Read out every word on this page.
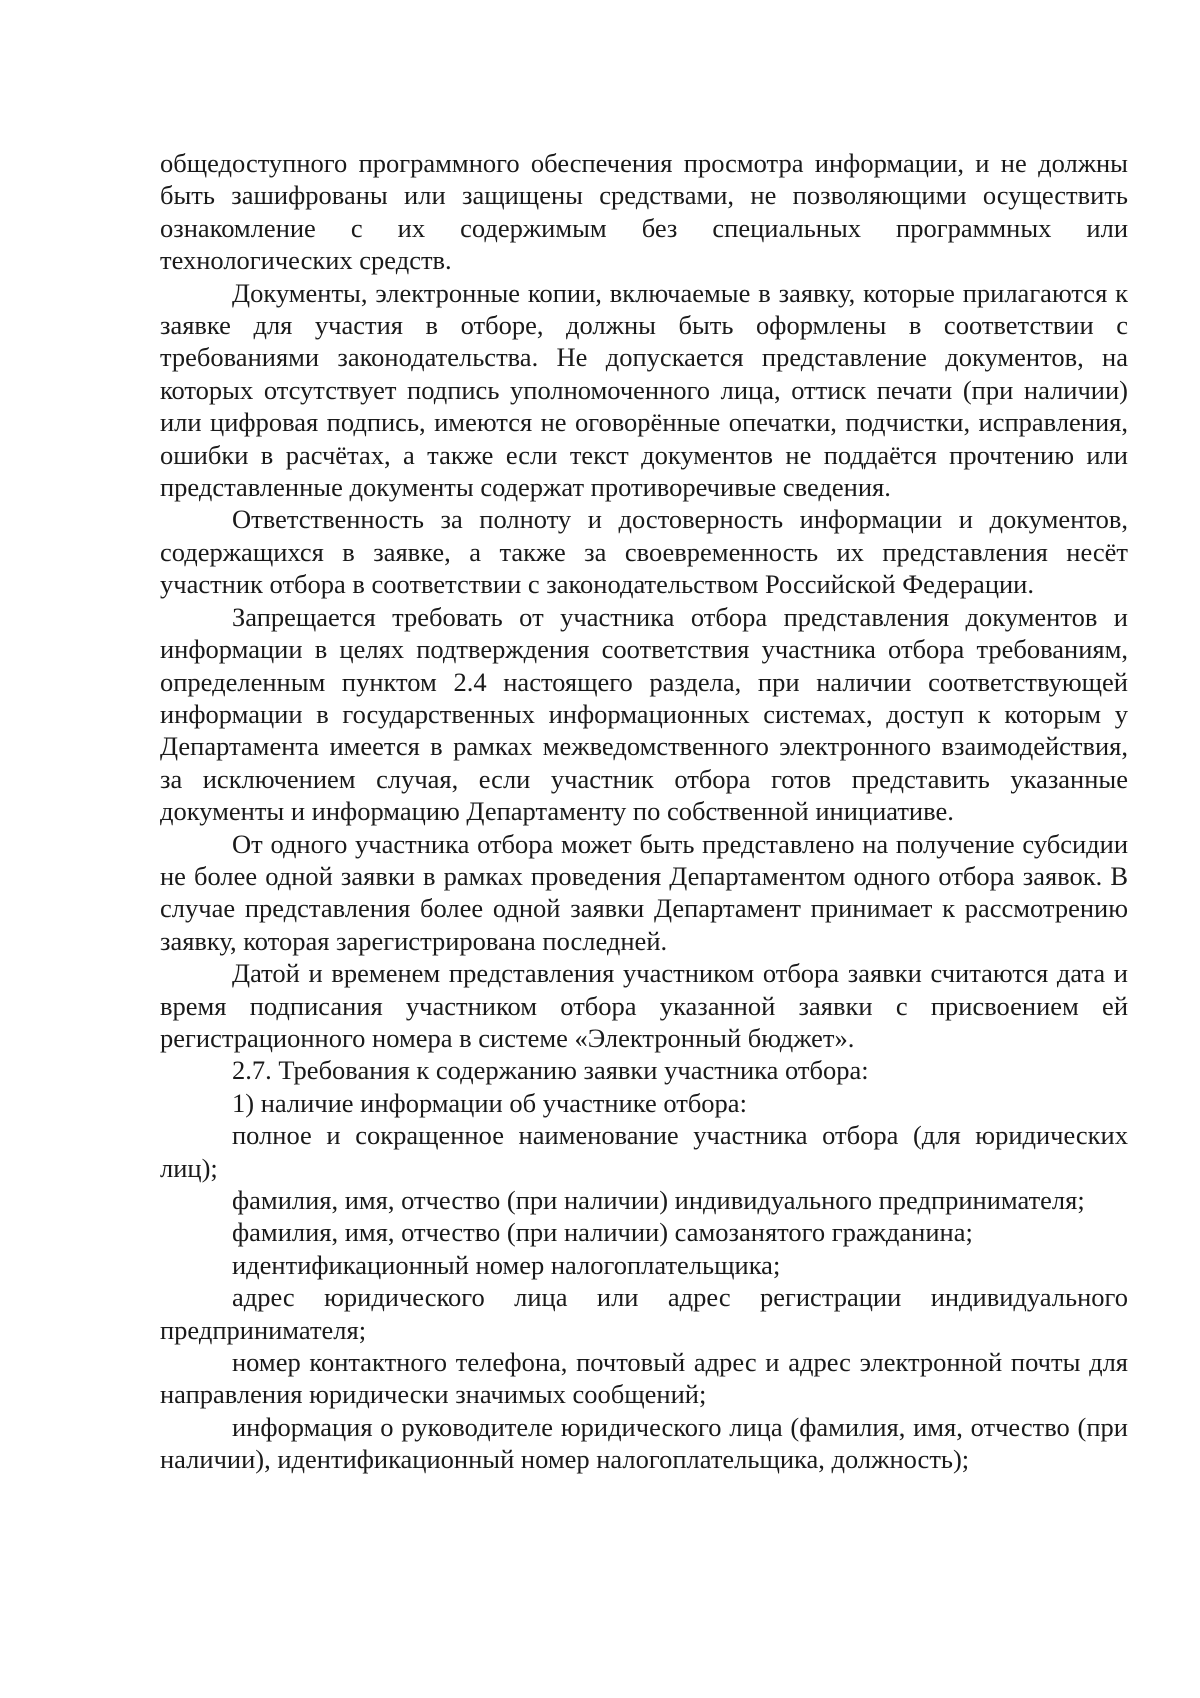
общедоступного программного обеспечения просмотра информации, и не должны быть зашифрованы или защищены средствами, не позволяющими осуществить ознакомление с их содержимым без специальных программных или технологических средств.

Документы, электронные копии, включаемые в заявку, которые прилагаются к заявке для участия в отборе, должны быть оформлены в соответствии с требованиями законодательства. Не допускается представление документов, на которых отсутствует подпись уполномоченного лица, оттиск печати (при наличии) или цифровая подпись, имеются не оговорённые опечатки, подчистки, исправления, ошибки в расчётах, а также если текст документов не поддаётся прочтению или представленные документы содержат противоречивые сведения.

Ответственность за полноту и достоверность информации и документов, содержащихся в заявке, а также за своевременность их представления несёт участник отбора в соответствии с законодательством Российской Федерации.

Запрещается требовать от участника отбора представления документов и информации в целях подтверждения соответствия участника отбора требованиям, определенным пунктом 2.4 настоящего раздела, при наличии соответствующей информации в государственных информационных системах, доступ к которым у Департамента имеется в рамках межведомственного электронного взаимодействия, за исключением случая, если участник отбора готов представить указанные документы и информацию Департаменту по собственной инициативе.

От одного участника отбора может быть представлено на получение субсидии не более одной заявки в рамках проведения Департаментом одного отбора заявок. В случае представления более одной заявки Департамент принимает к рассмотрению заявку, которая зарегистрирована последней.

Датой и временем представления участником отбора заявки считаются дата и время подписания участником отбора указанной заявки с присвоением ей регистрационного номера в системе «Электронный бюджет».

2.7. Требования к содержанию заявки участника отбора:

1) наличие информации об участнике отбора:

полное и сокращенное наименование участника отбора (для юридических лиц);

фамилия, имя, отчество (при наличии) индивидуального предпринимателя;

фамилия, имя, отчество (при наличии) самозанятого гражданина;

идентификационный номер налогоплательщика;

адрес юридического лица или адрес регистрации индивидуального предпринимателя;

номер контактного телефона, почтовый адрес и адрес электронной почты для направления юридически значимых сообщений;

информация о руководителе юридического лица (фамилия, имя, отчество (при наличии), идентификационный номер налогоплательщика, должность);
